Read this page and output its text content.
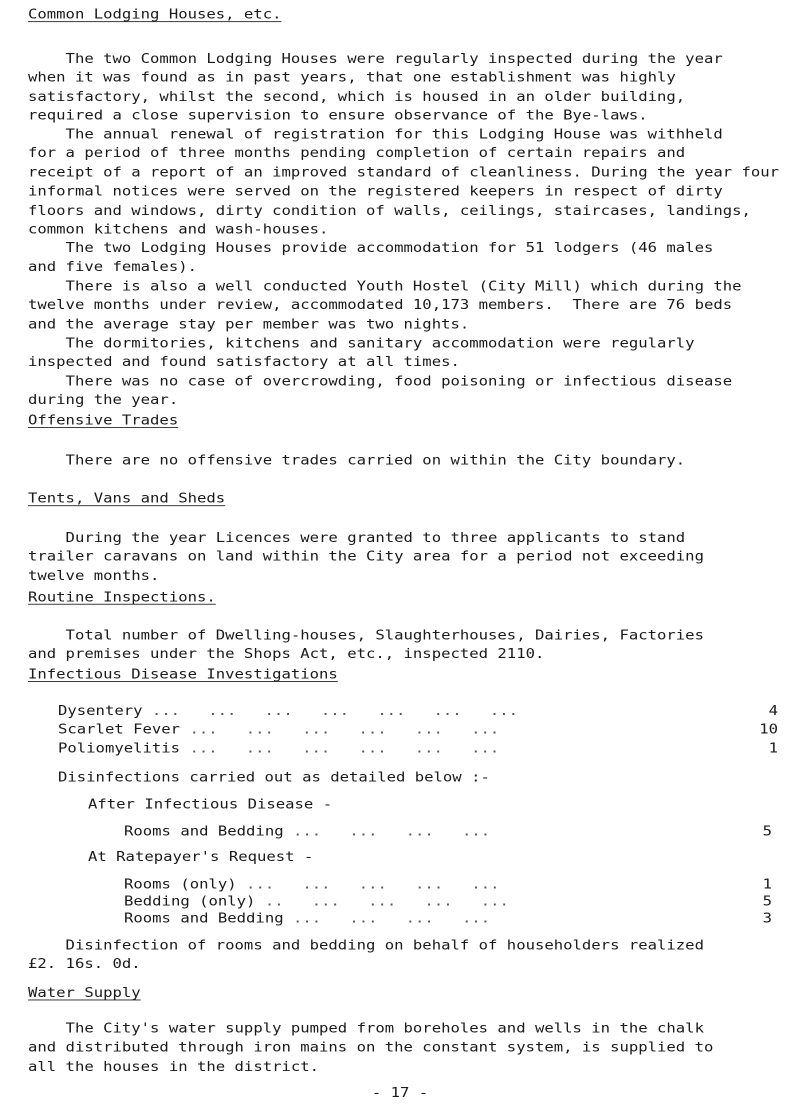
Common Lodging Houses, etc.

The two Common Lodging Houses were regularly inspected during the year
when it was found as in past years, that one establishment was highly
satisfactory, whilst the second, which is housed in an older building,
required a close supervision to ensure observance of the Bye-laws.

The annual renewal of registration for this Lodging House was withheld
for a period of three months pending completion of certain repairs and
receipt of a report of an improved standard of cleanliness. During the year four
informal notices were served on the registered keepers in respect of dirty
floors and windows, dirty condition of walls, ceilings, staircases, landings,
common kitchens and wash-houses.

The two Lodging Houses provide accommodation for 51 lodgers (46 males
and five females).

There is also a well conducted Youth Hostel (City Mill) which during the
twelve months under review, accommodated 10,173 members.  There are 76 beds
and the average stay per member was two nights.

The dormitories, kitchens and sanitary accommodation were regularly
inspected and found satisfactory at all times.

There was no case of overcrowding, food poisoning or infectious disease
during the year.

Offensive Trades

There are no offensive trades carried on within the City boundary.

Tents, Vans and Sheds

During the year Licences were granted to three applicants to stand
trailer caravans on land within the City area for a period not exceeding
twelve months.

Routine Inspections.

Total number of Dwelling-houses, Slaughterhouses, Dairies, Factories
and premises under the Shops Act, etc., inspected 2110.

Infectious Disease Investigations
Dysentery ...   ...   ...   ...   ...   ...   ...	4
Scarlet Fever ...   ...   ...   ...   ...   ...	10
Poliomyelitis ...   ...   ...   ...   ...   ...	1
Disinfections carried out as detailed below :-
After Infectious Disease -
Rooms and Bedding ...   ...   ...   ...	5
At Ratepayer's Request -
Rooms (only) ...   ...   ...   ...   ...	1
Bedding (only) ..   ...   ...   ...   ...	5
Rooms and Bedding ...   ...   ...   ...	3

Disinfection of rooms and bedding on behalf of householders realized
£2. 16s. 0d.

Water Supply

The City's water supply pumped from boreholes and wells in the chalk
and distributed through iron mains on the constant system, is supplied to
all the houses in the district.

- 17 -
